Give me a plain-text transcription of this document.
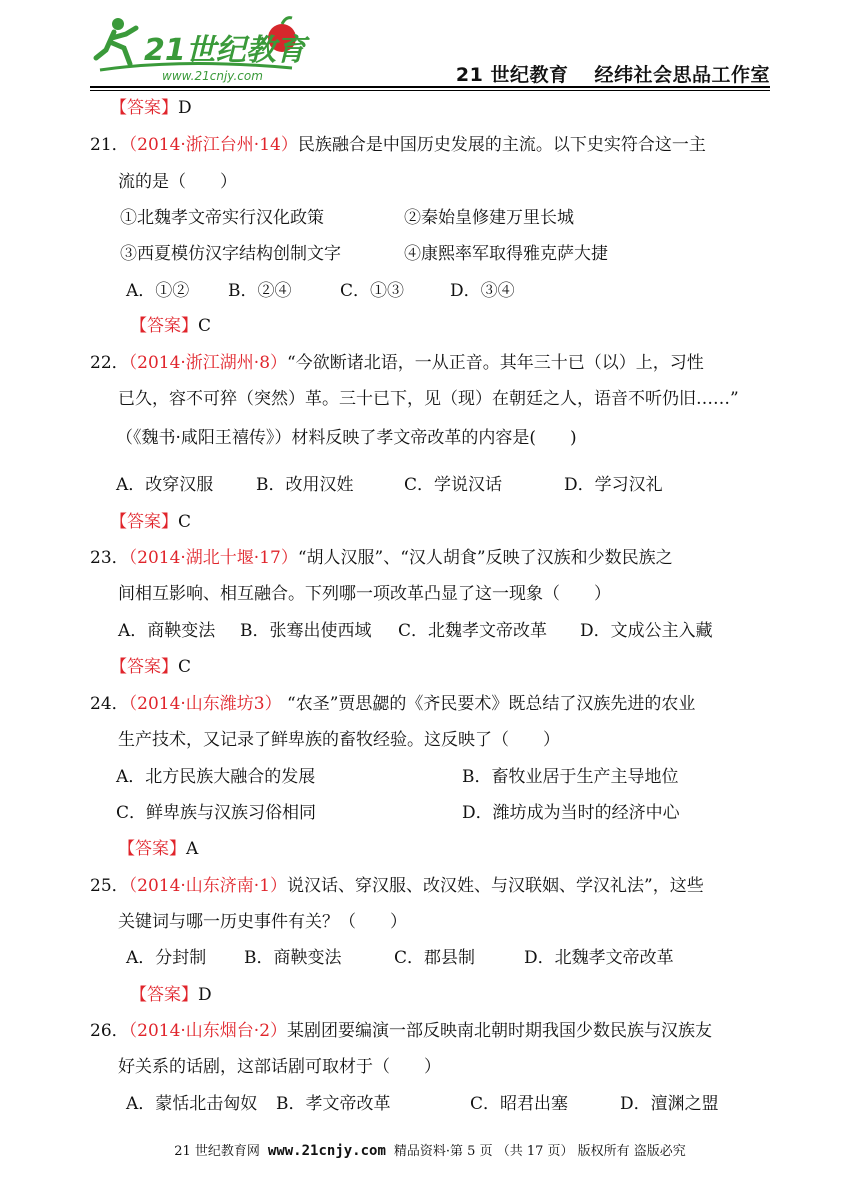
21世纪教育
www.21cnjy.com	21 世纪教育 经纬社会思品工作室
【答案】D
21．（2014·浙江台州·14）民族融合是中国历史发展的主流。以下史实符合这一主
流的是（　　）
①北魏孝文帝实行汉化政策	②秦始皇修建万里长城
③西夏模仿汉字结构创制文字	④康熙率军取得雅克萨大捷
A．①② B．②④	C．①③	D．③④
【答案】C
22．（2014·浙江湖州·8）“今欲断诸北语，一从正音。其年三十已（以）上，习性
已久，容不可猝（突然）革。三十已下，见（现）在朝廷之人，语音不听仍旧……”
（《魏书·咸阳王禧传》）材料反映了孝文帝改革的内容是(　　)
A．改穿汉服	B．改用汉姓	C．学说汉话	D．学习汉礼
【答案】C
23．（2014·湖北十堰·17）“胡人汉服”、“汉人胡食”反映了汉族和少数民族之
间相互影响、相互融合。下列哪一项改革凸显了这一现象（　　）
A．商鞅变法 B．张骞出使西域 C．北魏孝文帝改革 D．文成公主入藏
【答案】C
24．（2014·山东潍坊3） “农圣”贾思勰的《齐民要术》既总结了汉族先进的农业
生产技术，又记录了鲜卑族的畜牧经验。这反映了（　　）
A．北方民族大融合的发展	B．畜牧业居于生产主导地位
C．鲜卑族与汉族习俗相同	D．潍坊成为当时的经济中心
【答案】A
25．（2014·山东济南·1）说汉话、穿汉服、改汉姓、与汉联姻、学汉礼法”，这些
关键词与哪一历史事件有关？（　　）
A．分封制 B．商鞅变法	C．郡县制	D．北魏孝文帝改革
【答案】D
26．（2014·山东烟台·2）某剧团要编演一部反映南北朝时期我国少数民族与汉族友
好关系的话剧，这部话剧可取材于（　　）
A．蒙恬北击匈奴 B．孝文帝改革	C．昭君出塞	D．澶渊之盟
21 世纪教育网 www.21cnjy.com 精品资料·第 5 页 （共 17 页） 版权所有 盗版必究
